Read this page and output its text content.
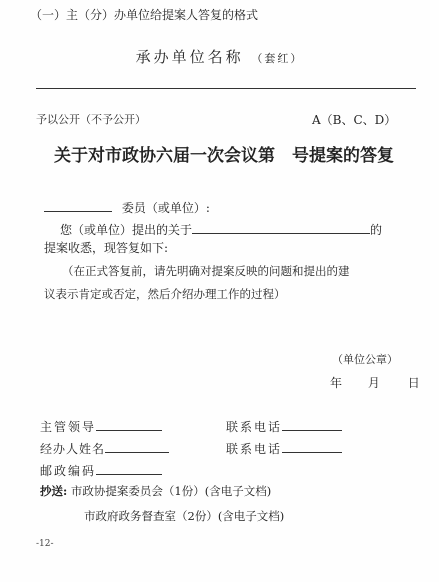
（一）主（分）办单位给提案人答复的格式
承办单位名称 （套红）
予以公开（不予公开）	A（B、C、D）
关于对市政协六届一次会议第　号提案的答复
委员（或单位）:
您（或单位）提出的关于	的
提案收悉，现答复如下:
（在正式答复前，请先明确对提案反映的问题和提出的建
议表示肯定或否定，然后介绍办理工作的过程）
（单位公章）
年 月 日
主管领导	联系电话
经办人姓名	联系电话
邮政编码
抄送: 市政协提案委员会（1份）(含电子文档)
市政府政务督查室（2份）(含电子文档)
-12-
